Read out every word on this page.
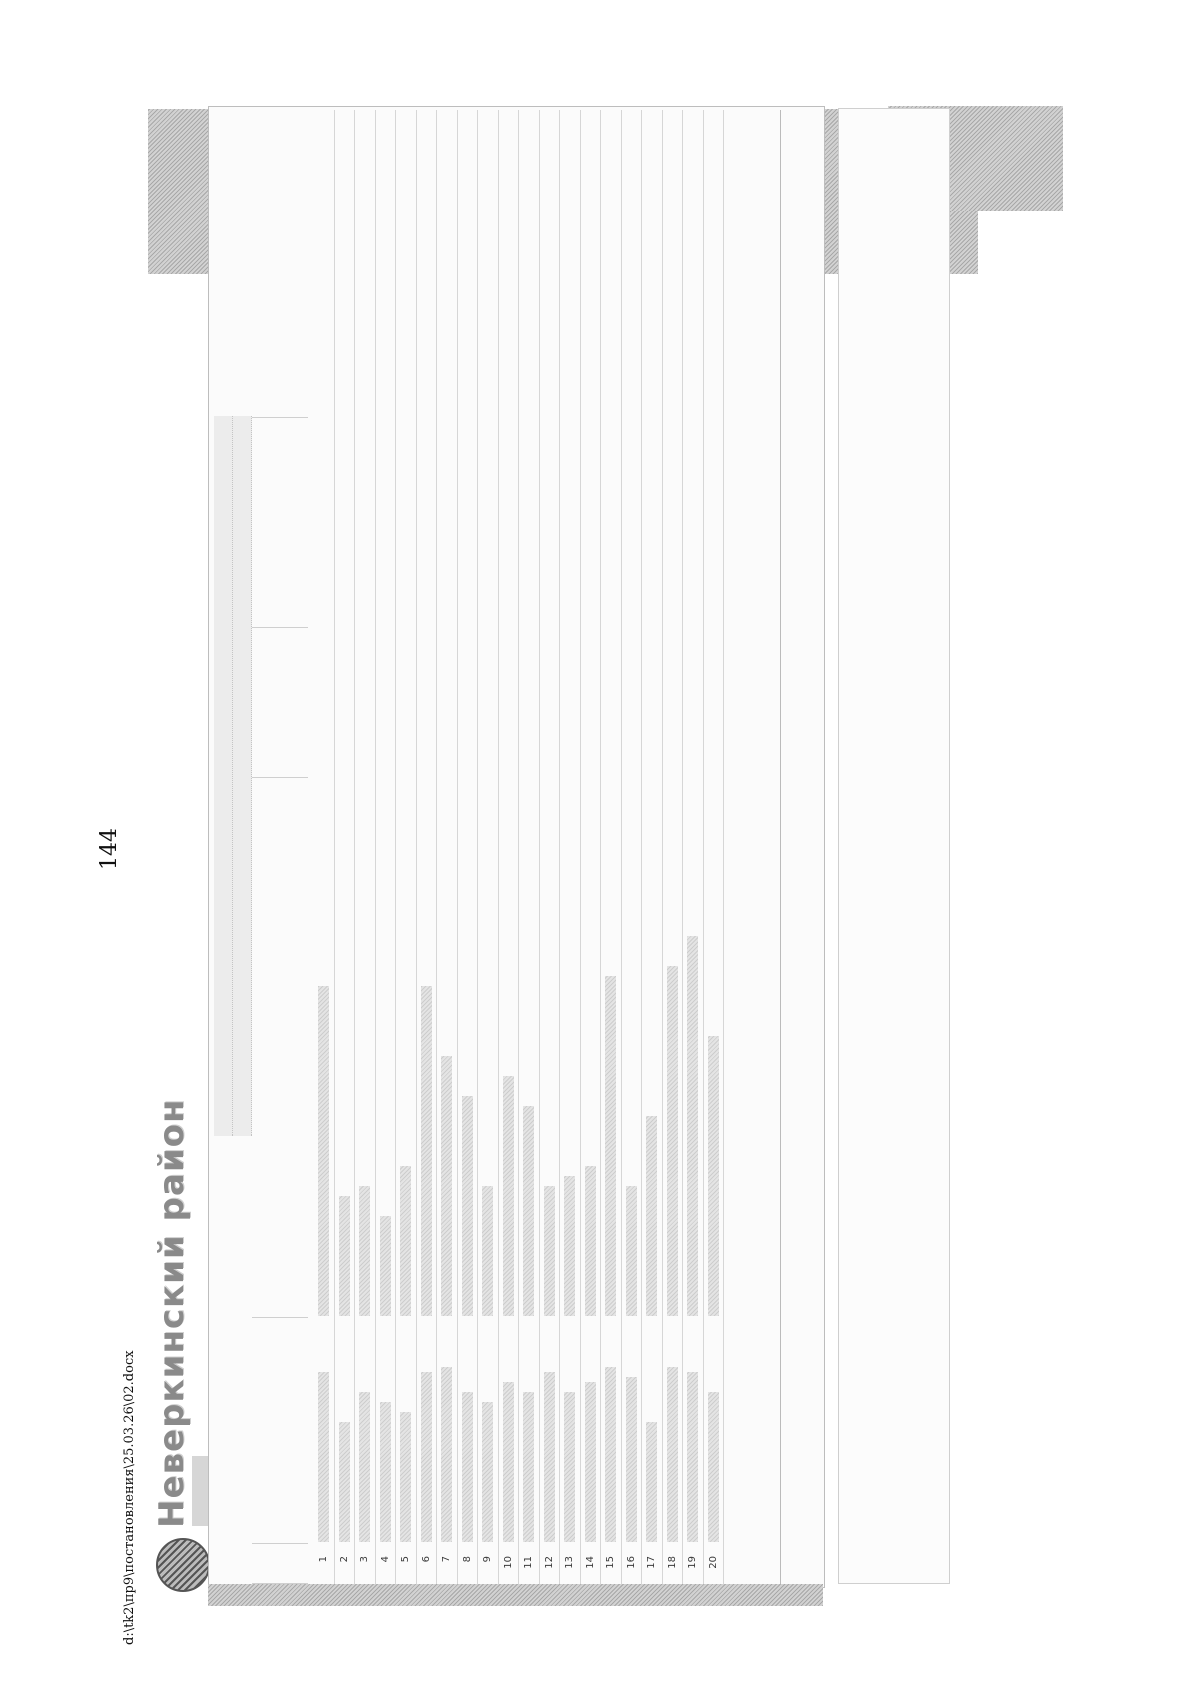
144
d:\tk2\пр9\постановления\25.03.26\02.docx Неверкинский район
1 2 3 4 5 6 7 8 9 10 11 12 13 14 15 16 17 18 19 20
